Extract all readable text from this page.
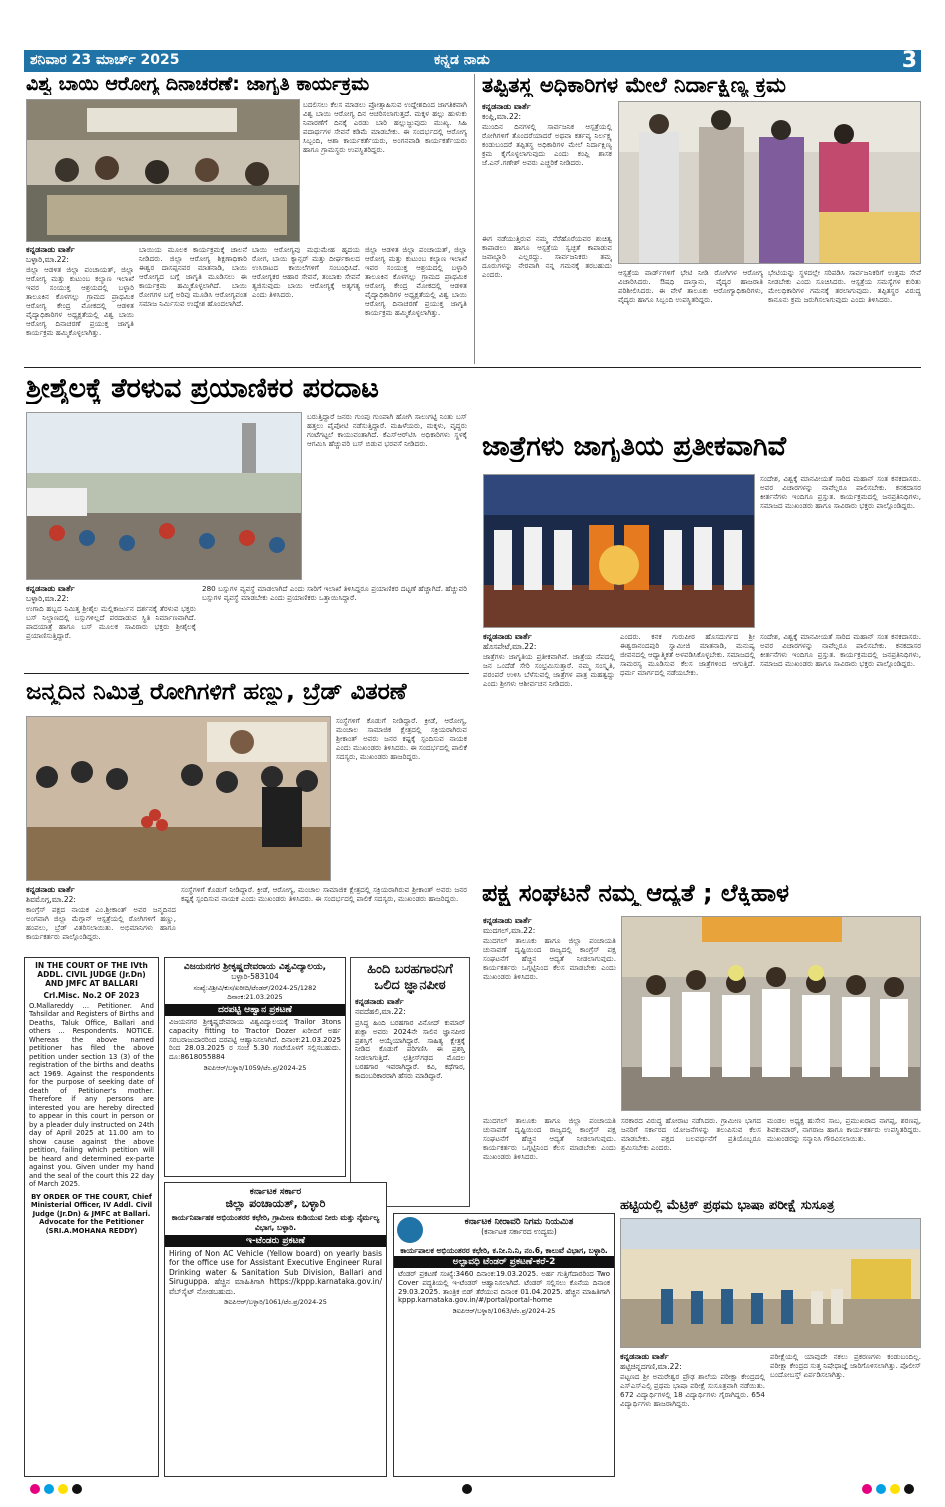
ಶನಿವಾರ 23 ಮಾರ್ಚ್ 2025	ಕನ್ನಡ ನಾಡು	3
ವಿಶ್ವ ಬಾಯಿ ಆರೋಗ್ಯ ದಿನಾಚರಣೆ: ಜಾಗೃತಿ ಕಾರ್ಯಕ್ರಮ
ಬದಲಿಸಲು ಕೆಲಸ ಮಾಡಲು ಪ್ರೋತ್ಸಾಹಿಸುವ ಉದ್ದೇಶದಿಂದ ಜಾಗತಿಕವಾಗಿ ವಿಶ್ವ ಬಾಯಿ ಆರೋಗ್ಯ ದಿನ ಆಚರಿಸಲಾಗುತ್ತದೆ. ಮಕ್ಕಳ ಹಲ್ಲು ಹುಳುಕು ನಿವಾರಣೆಗೆ ದಿನಕ್ಕೆ ಎರಡು ಬಾರಿ ಹಲ್ಲುಜ್ಜುವುದು ಮುಖ್ಯ. ಸಿಹಿ ಪದಾರ್ಥಗಳ ಸೇವನೆ ಕಡಿಮೆ ಮಾಡಬೇಕು. ಈ ಸಂದರ್ಭದಲ್ಲಿ ಆರೋಗ್ಯ ಸಿಬ್ಬಂದಿ, ಆಶಾ ಕಾರ್ಯಕರ್ತೆಯರು, ಅಂಗನವಾಡಿ ಕಾರ್ಯಕರ್ತೆಯರು ಹಾಗೂ ಗ್ರಾಮಸ್ಥರು ಉಪಸ್ಥಿತರಿದ್ದರು.
ಕನ್ನಡನಾಡು ವಾರ್ತೆ
ಬಳ್ಳಾರಿ,ಮಾ.22:
ಜಿಲ್ಲಾ ಆಡಳಿತ ಜಿಲ್ಲಾ ಪಂಚಾಯತ್, ಜಿಲ್ಲಾ ಆರೋಗ್ಯ ಮತ್ತು ಕುಟುಂಬ ಕಲ್ಯಾಣ ಇಲಾಖೆ ಇವರ ಸಂಯುಕ್ತ ಆಶ್ರಯದಲ್ಲಿ ಬಳ್ಳಾರಿ ತಾಲೂಕಿನ ಕೊಳಗಲ್ಲು ಗ್ರಾಮದ ಪ್ರಾಥಮಿಕ ಆರೋಗ್ಯ ಕೇಂದ್ರ ಮೋಕದಲ್ಲಿ ಆಡಳಿತ ವೈದ್ಯಾಧಿಕಾರಿಗಳ ಅಧ್ಯಕ್ಷತೆಯಲ್ಲಿ ವಿಶ್ವ ಬಾಯಿ ಆರೋಗ್ಯ ದಿನಾಚರಣೆ ಪ್ರಯುಕ್ತ ಜಾಗೃತಿ ಕಾರ್ಯಕ್ರಮ ಹಮ್ಮಿಕೊಳ್ಳಲಾಗಿತ್ತು.
ಬಾಯಿಯ ಮೂಲಕ ಕಾರ್ಯಕ್ರಮಕ್ಕೆ ಚಾಲನೆ ನೀಡಿದರು. ಜಿಲ್ಲಾ ಆರೋಗ್ಯ ಶಿಕ್ಷಣಾಧಿಕಾರಿ ಈಶ್ವರ ದಾಸಪ್ಪನವರ ಮಾತನಾಡಿ, ಬಾಯಿ ಆರೋಗ್ಯದ ಬಗ್ಗೆ ಜಾಗೃತಿ ಮೂಡಿಸಲು ಈ ಕಾರ್ಯಕ್ರಮ ಹಮ್ಮಿಕೊಳ್ಳಲಾಗಿದೆ. ಬಾಯಿ ರೋಗಗಳ ಬಗ್ಗೆ ಅರಿವು ಮೂಡಿಸಿ ಆರೋಗ್ಯವಂತ ಸಮಾಜ ನಿರ್ಮಿಸುವ ಉದ್ದೇಶ ಹೊಂದಲಾಗಿದೆ.
ಬಾಯಿ ಆರೋಗ್ಯವು ಮಧುಮೇಹ ಹೃದಯ ರೋಗ, ಬಾಯಿ ಕ್ಯಾನ್ಸರ್ ಮತ್ತು ದೀರ್ಘಕಾಲದ ಉಸಿರಾಟದ ಕಾಯಿಲೆಗಳಿಗೆ ಸಂಬಂಧಿಸಿದೆ. ಆರೋಗ್ಯಕರ ಆಹಾರ ಸೇವನೆ, ತಂಬಾಕು ಸೇವನೆ ತ್ಯಜಿಸುವುದು ಬಾಯಿ ಆರೋಗ್ಯಕ್ಕೆ ಅತ್ಯಗತ್ಯ ಎಂದು ತಿಳಿಸಿದರು.
ಜಿಲ್ಲಾ ಆಡಳಿತ ಜಿಲ್ಲಾ ಪಂಚಾಯತ್, ಜಿಲ್ಲಾ ಆರೋಗ್ಯ ಮತ್ತು ಕುಟುಂಬ ಕಲ್ಯಾಣ ಇಲಾಖೆ ಇವರ ಸಂಯುಕ್ತ ಆಶ್ರಯದಲ್ಲಿ ಬಳ್ಳಾರಿ ತಾಲೂಕಿನ ಕೊಳಗಲ್ಲು ಗ್ರಾಮದ ಪ್ರಾಥಮಿಕ ಆರೋಗ್ಯ ಕೇಂದ್ರ ಮೋಕದಲ್ಲಿ ಆಡಳಿತ ವೈದ್ಯಾಧಿಕಾರಿಗಳ ಅಧ್ಯಕ್ಷತೆಯಲ್ಲಿ ವಿಶ್ವ ಬಾಯಿ ಆರೋಗ್ಯ ದಿನಾಚರಣೆ ಪ್ರಯುಕ್ತ ಜಾಗೃತಿ ಕಾರ್ಯಕ್ರಮ ಹಮ್ಮಿಕೊಳ್ಳಲಾಗಿತ್ತು.
ತಪ್ಪಿತಸ್ಥ ಅಧಿಕಾರಿಗಳ ಮೇಲೆ ನಿರ್ದಾಕ್ಷಿಣ್ಯ ಕ್ರಮ
ಕನ್ನಡನಾಡು ವಾರ್ತೆ
ಕಂಪ್ಲಿ,ಮಾ.22:
ಮುಂದಿನ ದಿನಗಳಲ್ಲಿ ಸಾರ್ವಜನಿಕ ಆಸ್ಪತ್ರೆಯಲ್ಲಿ ರೋಗಿಗಳಿಗೆ ತೊಂದರೆಯಾದರೆ ಅಥವಾ ಕರ್ತವ್ಯ ನಿರ್ಲಕ್ಷ್ಯ ಕಂಡುಬಂದರೆ ತಪ್ಪಿತಸ್ಥ ಅಧಿಕಾರಿಗಳ ಮೇಲೆ ನಿರ್ದಾಕ್ಷಿಣ್ಯ ಕ್ರಮ ಕೈಗೊಳ್ಳಲಾಗುವುದು ಎಂದು ಕಂಪ್ಲಿ ಶಾಸಕ ಜೆ.ಎನ್.ಗಣೇಶ್ ಅವರು ಎಚ್ಚರಿಕೆ ನೀಡಿದರು.
ಈಗ ನಡೆಯುತ್ತಿರುವ ನಮ್ಮ ನೆರೆಹೊರೆಯವರ ಶುಚಿತ್ವ ಕಾಪಾಡಲು ಹಾಗೂ ಆಸ್ಪತ್ರೆಯ ಸ್ವಚ್ಛತೆ ಕಾಪಾಡುವ ಜವಾಬ್ದಾರಿ ಎಲ್ಲರದ್ದು. ಸಾರ್ವಜನಿಕರು ತಮ್ಮ ದೂರುಗಳನ್ನು ನೇರವಾಗಿ ನನ್ನ ಗಮನಕ್ಕೆ ತರಬಹುದು ಎಂದರು.	ಆಸ್ಪತ್ರೆಯ ವಾರ್ಡ್‌ಗಳಿಗೆ ಭೇಟಿ ನೀಡಿ ರೋಗಿಗಳ ಆರೋಗ್ಯ ವಿಚಾರಿಸಿದರು. ಔಷಧಿ ದಾಸ್ತಾನು, ವೈದ್ಯರ ಹಾಜರಾತಿ ಪರಿಶೀಲಿಸಿದರು. ಈ ವೇಳೆ ತಾಲೂಕು ಆರೋಗ್ಯಾಧಿಕಾರಿಗಳು, ವೈದ್ಯರು ಹಾಗೂ ಸಿಬ್ಬಂದಿ ಉಪಸ್ಥಿತರಿದ್ದರು.
ಭೇಟಿಯನ್ನು ಸ್ಥಳದಲ್ಲೇ ಸರಿಪಡಿಸಿ ಸಾರ್ವಜನಿಕರಿಗೆ ಉತ್ತಮ ಸೇವೆ ನೀಡಬೇಕು ಎಂದು ಸೂಚಿಸಿದರು. ಆಸ್ಪತ್ರೆಯ ಸಮಸ್ಯೆಗಳ ಕುರಿತು ಮೇಲಧಿಕಾರಿಗಳ ಗಮನಕ್ಕೆ ತರಲಾಗುವುದು. ತಪ್ಪಿತಸ್ಥರ ವಿರುದ್ಧ ಕಾನೂನು ಕ್ರಮ ಜರುಗಿಸಲಾಗುವುದು ಎಂದು ತಿಳಿಸಿದರು.
ಶ್ರೀಶೈಲಕ್ಕೆ ತೆರಳುವ ಪ್ರಯಾಣಿಕರ ಪರದಾಟ
ಬರುತ್ತಿದ್ದಾರೆ ಜನರು ಗುಂಪು ಗುಂಪಾಗಿ ಹೋಗಿ ಸಾಲುಗಟ್ಟಿ ನಿಂತು ಬಸ್ ಹತ್ತಲು ಪೈಪೋಟಿ ನಡೆಸುತ್ತಿದ್ದಾರೆ. ಮಹಿಳೆಯರು, ಮಕ್ಕಳು, ವೃದ್ಧರು ಗಂಟೆಗಟ್ಟಲೆ ಕಾಯುವಂತಾಗಿದೆ. ಕೆಎಸ್ಆರ್‌ಟಿಸಿ ಅಧಿಕಾರಿಗಳು ಸ್ಥಳಕ್ಕೆ ಆಗಮಿಸಿ ಹೆಚ್ಚುವರಿ ಬಸ್ ಬಿಡುವ ಭರವಸೆ ನೀಡಿದರು.
ಕನ್ನಡನಾಡು ವಾರ್ತೆ
ಬಳ್ಳಾರಿ,ಮಾ.22:
ಉಗಾದಿ ಹಬ್ಬದ ನಿಮಿತ್ತ ಶ್ರೀಶೈಲ ಮಲ್ಲಿಕಾರ್ಜುನ ದರ್ಶನಕ್ಕೆ ತೆರಳುವ ಭಕ್ತರು ಬಸ್ ನಿಲ್ದಾಣದಲ್ಲಿ ಬಸ್ಸುಗಳಿಲ್ಲದೆ ಪರದಾಡುವ ಸ್ಥಿತಿ ನಿರ್ಮಾಣವಾಗಿದೆ. ಪಾದಯಾತ್ರೆ ಹಾಗೂ ಬಸ್ ಮೂಲಕ ಸಾವಿರಾರು ಭಕ್ತರು ಶ್ರೀಶೈಲಕ್ಕೆ ಪ್ರಯಾಣಿಸುತ್ತಿದ್ದಾರೆ.
280 ಬಸ್ಸುಗಳ ವ್ಯವಸ್ಥೆ ಮಾಡಲಾಗಿದೆ ಎಂದು ಸಾರಿಗೆ ಇಲಾಖೆ ತಿಳಿಸಿದ್ದರೂ ಪ್ರಯಾಣಿಕರ ದಟ್ಟಣೆ ಹೆಚ್ಚಾಗಿದೆ. ಹೆಚ್ಚುವರಿ ಬಸ್ಸುಗಳ ವ್ಯವಸ್ಥೆ ಮಾಡಬೇಕು ಎಂದು ಪ್ರಯಾಣಿಕರು ಒತ್ತಾಯಿಸಿದ್ದಾರೆ.
ಜಾತ್ರೆಗಳು ಜಾಗೃತಿಯ ಪ್ರತೀಕವಾಗಿವೆ
ಸಂದೇಶ, ವಿಶ್ವಕ್ಕೆ ಮಾನವೀಯತೆ ಸಾರಿದ ಮಹಾನ್ ಸಂತ ಕನಕದಾಸರು. ಅವರ ವಿಚಾರಗಳನ್ನು ನಾವೆಲ್ಲರೂ ಪಾಲಿಸಬೇಕು. ಕನಕದಾಸರ ಕೀರ್ತನೆಗಳು ಇಂದಿಗೂ ಪ್ರಸ್ತುತ. ಕಾರ್ಯಕ್ರಮದಲ್ಲಿ ಜನಪ್ರತಿನಿಧಿಗಳು, ಸಮಾಜದ ಮುಖಂಡರು ಹಾಗೂ ಸಾವಿರಾರು ಭಕ್ತರು ಪಾಲ್ಗೊಂಡಿದ್ದರು.
ಕನ್ನಡನಾಡು ವಾರ್ತೆ
ಹೊಸಪೇಟೆ,ಮಾ.22:
ಜಾತ್ರೆಗಳು ಜಾಗೃತಿಯ ಪ್ರತೀಕವಾಗಿವೆ. ಜಾತ್ರೆಯ ನೆಪದಲ್ಲಿ ಜನ ಒಂದೆಡೆ ಸೇರಿ ಸಂಭ್ರಮಿಸುತ್ತಾರೆ. ನಮ್ಮ ಸಂಸ್ಕೃತಿ, ಪರಂಪರೆ ಉಳಿಸಿ ಬೆಳೆಸುವಲ್ಲಿ ಜಾತ್ರೆಗಳ ಪಾತ್ರ ಮಹತ್ವದ್ದು ಎಂದು ಶ್ರೀಗಳು ಆಶೀರ್ವಚನ ನೀಡಿದರು.
ಎಂದರು. ಕನಕ ಗುರುಪೀಠ ಹೊಸದುರ್ಗದ ಶ್ರೀ ಈಶ್ವರಾನಂದಪುರಿ ಸ್ವಾಮೀಜಿ ಮಾತನಾಡಿ, ಮನುಷ್ಯ ಜೀವನದಲ್ಲಿ ಆಧ್ಯಾತ್ಮಿಕತೆ ಅಳವಡಿಸಿಕೊಳ್ಳಬೇಕು. ಸಮಾಜದಲ್ಲಿ ಸಾಮರಸ್ಯ ಮೂಡಿಸುವ ಕೆಲಸ ಜಾತ್ರೆಗಳಿಂದ ಆಗುತ್ತಿದೆ. ಧರ್ಮ ಮಾರ್ಗದಲ್ಲಿ ನಡೆಯಬೇಕು.
ಸಂದೇಶ, ವಿಶ್ವಕ್ಕೆ ಮಾನವೀಯತೆ ಸಾರಿದ ಮಹಾನ್ ಸಂತ ಕನಕದಾಸರು. ಅವರ ವಿಚಾರಗಳನ್ನು ನಾವೆಲ್ಲರೂ ಪಾಲಿಸಬೇಕು. ಕನಕದಾಸರ ಕೀರ್ತನೆಗಳು ಇಂದಿಗೂ ಪ್ರಸ್ತುತ. ಕಾರ್ಯಕ್ರಮದಲ್ಲಿ ಜನಪ್ರತಿನಿಧಿಗಳು, ಸಮಾಜದ ಮುಖಂಡರು ಹಾಗೂ ಸಾವಿರಾರು ಭಕ್ತರು ಪಾಲ್ಗೊಂಡಿದ್ದರು.
ಜನ್ಮದಿನ ನಿಮಿತ್ತ ರೋಗಿಗಳಿಗೆ ಹಣ್ಣು, ಬ್ರೆಡ್ ವಿತರಣೆ
ಸಂಸ್ಥೆಗಳಿಗೆ ಕೊಡುಗೆ ನೀಡಿದ್ದಾರೆ. ಕ್ರೀಡೆ, ಆರೋಗ್ಯ, ಮಂಚಾಲ ಸಾಮಾಜಿಕ ಕ್ಷೇತ್ರದಲ್ಲಿ ಸಕ್ರಿಯರಾಗಿರುವ ಶ್ರೀಕಾಂತ್ ಅವರು ಜನರ ಕಷ್ಟಕ್ಕೆ ಸ್ಪಂದಿಸುವ ನಾಯಕ ಎಂದು ಮುಖಂಡರು ತಿಳಿಸಿದರು. ಈ ಸಂದರ್ಭದಲ್ಲಿ ಪಾಲಿಕೆ ಸದಸ್ಯರು, ಮುಖಂಡರು ಹಾಜರಿದ್ದರು.
ಕನ್ನಡನಾಡು ವಾರ್ತೆ
ಶಿವಮೊಗ್ಗ,ಮಾ.22:
ಕಾಂಗ್ರೆಸ್ ಪಕ್ಷದ ನಾಯಕ ಎಂ.ಶ್ರೀಕಾಂತ್ ಅವರ ಜನ್ಮದಿನದ ಅಂಗವಾಗಿ ಜಿಲ್ಲಾ ಮೆಗ್ಗಾನ್ ಆಸ್ಪತ್ರೆಯಲ್ಲಿ ರೋಗಿಗಳಿಗೆ ಹಣ್ಣು, ಹಂಪಲು, ಬ್ರೆಡ್ ವಿತರಿಸಲಾಯಿತು. ಅಭಿಮಾನಿಗಳು ಹಾಗೂ ಕಾರ್ಯಕರ್ತರು ಪಾಲ್ಗೊಂಡಿದ್ದರು.
ಸಂಸ್ಥೆಗಳಿಗೆ ಕೊಡುಗೆ ನೀಡಿದ್ದಾರೆ. ಕ್ರೀಡೆ, ಆರೋಗ್ಯ, ಮಂಚಾಲ ಸಾಮಾಜಿಕ ಕ್ಷೇತ್ರದಲ್ಲಿ ಸಕ್ರಿಯರಾಗಿರುವ ಶ್ರೀಕಾಂತ್ ಅವರು ಜನರ ಕಷ್ಟಕ್ಕೆ ಸ್ಪಂದಿಸುವ ನಾಯಕ ಎಂದು ಮುಖಂಡರು ತಿಳಿಸಿದರು. ಈ ಸಂದರ್ಭದಲ್ಲಿ ಪಾಲಿಕೆ ಸದಸ್ಯರು, ಮುಖಂಡರು ಹಾಜರಿದ್ದರು. ಪಕ್ಷ ಸಂಘಟನೆ ನಮ್ಮ ಆದ್ಯತೆ ; ಲೆಕ್ಕಿಹಾಳ
ಕನ್ನಡನಾಡು ವಾರ್ತೆ
ಮುದಗಲ್,ಮಾ.22:
ಮುದಗಲ್ ತಾಲೂಕು ಹಾಗೂ ಜಿಲ್ಲಾ ಪಂಚಾಯತಿ ಚುನಾವಣೆ ದೃಷ್ಟಿಯಿಂದ ರಾಜ್ಯದಲ್ಲಿ ಕಾಂಗ್ರೆಸ್ ಪಕ್ಷ ಸಂಘಟನೆಗೆ ಹೆಚ್ಚಿನ ಆದ್ಯತೆ ನೀಡಲಾಗುವುದು. ಕಾರ್ಯಕರ್ತರು ಒಗ್ಗಟ್ಟಿನಿಂದ ಕೆಲಸ ಮಾಡಬೇಕು ಎಂದು ಮುಖಂಡರು ತಿಳಿಸಿದರು.
ಸರಕಾರದ ವಿರುದ್ಧ ಹೋರಾಟ ನಡೆಸಿದರು. ಗ್ರಾಮೀಣ ಭಾಗದ ಜನರಿಗೆ ಸರ್ಕಾರದ ಯೋಜನೆಗಳನ್ನು ತಲುಪಿಸುವ ಕೆಲಸ ಮಾಡಬೇಕು. ಪಕ್ಷದ ಬಲವರ್ಧನೆಗೆ ಪ್ರತಿಯೊಬ್ಬರೂ ಶ್ರಮಿಸಬೇಕು ಎಂದರು.
ಮಂಡಲ ಅಧ್ಯಕ್ಷ ಹುಸೇನ ಸಾಬ, ಪ್ರಮುಖರಾದ ನಾಗಪ್ಪ, ಶರಣಪ್ಪ, ಶಿವಕುಮಾರ್, ನಾಗರಾಜ ಹಾಗೂ ಕಾರ್ಯಕರ್ತರು ಉಪಸ್ಥಿತರಿದ್ದರು. ಮುಖಂಡರನ್ನು ಸನ್ಮಾನಿಸಿ ಗೌರವಿಸಲಾಯಿತು.
ಮುದಗಲ್ ತಾಲೂಕು ಹಾಗೂ ಜಿಲ್ಲಾ ಪಂಚಾಯತಿ ಚುನಾವಣೆ ದೃಷ್ಟಿಯಿಂದ ರಾಜ್ಯದಲ್ಲಿ ಕಾಂಗ್ರೆಸ್ ಪಕ್ಷ ಸಂಘಟನೆಗೆ ಹೆಚ್ಚಿನ ಆದ್ಯತೆ ನೀಡಲಾಗುವುದು. ಕಾರ್ಯಕರ್ತರು ಒಗ್ಗಟ್ಟಿನಿಂದ ಕೆಲಸ ಮಾಡಬೇಕು ಎಂದು ಮುಖಂಡರು ತಿಳಿಸಿದರು.
ಹಟ್ಟಿಯಲ್ಲಿ ಮೆಟ್ರಿಕ್ ಪ್ರಥಮ ಭಾಷಾ ಪರೀಕ್ಷೆ ಸುಸೂತ್ರ
ಕನ್ನಡನಾಡು ವಾರ್ತೆ
ಹಟ್ಟಿಚಿನ್ನದಗಣಿ,ಮಾ.22:
ಪಟ್ಟಣದ ಶ್ರೀ ಅಮರೇಶ್ವರ ಪ್ರೌಢ ಶಾಲೆಯ ಪರೀಕ್ಷಾ ಕೇಂದ್ರದಲ್ಲಿ ಎಸ್ಎಸ್ಎಲ್ಸಿ ಪ್ರಥಮ ಭಾಷಾ ಪರೀಕ್ಷೆ ಸುಸೂತ್ರವಾಗಿ ನಡೆಯಿತು. 672 ವಿದ್ಯಾರ್ಥಿಗಳಲ್ಲಿ 18 ವಿದ್ಯಾರ್ಥಿಗಳು ಗೈರಾಗಿದ್ದರು. 654 ವಿದ್ಯಾರ್ಥಿಗಳು ಹಾಜರಾಗಿದ್ದರು.
ಪರೀಕ್ಷೆಯಲ್ಲಿ ಯಾವುದೇ ನಕಲು ಪ್ರಕರಣಗಳು ಕಂಡುಬಂದಿಲ್ಲ. ಪರೀಕ್ಷಾ ಕೇಂದ್ರದ ಸುತ್ತ ನಿಷೇಧಾಜ್ಞೆ ಜಾರಿಗೊಳಿಸಲಾಗಿತ್ತು. ಪೊಲೀಸ್ ಬಂದೋಬಸ್ತ್ ಏರ್ಪಡಿಸಲಾಗಿತ್ತು.
ಹಿಂದಿ ಬರಹಗಾರನಿಗೆ ಒಲಿದ ಜ್ಞಾನಪೀಠ
ಕನ್ನಡನಾಡು ವಾರ್ತೆ
ನವದೆಹಲಿ,ಮಾ.22:
ಪ್ರಸಿದ್ಧ ಹಿಂದಿ ಬರಹಗಾರ ವಿನೋದ್ ಕುಮಾರ್ ಶುಕ್ಲಾ ಅವರು 2024ನೇ ಸಾಲಿನ ಜ್ಞಾನಪೀಠ ಪ್ರಶಸ್ತಿಗೆ ಆಯ್ಕೆಯಾಗಿದ್ದಾರೆ. ಸಾಹಿತ್ಯ ಕ್ಷೇತ್ರಕ್ಕೆ ನೀಡಿದ ಕೊಡುಗೆ ಪರಿಗಣಿಸಿ ಈ ಪ್ರಶಸ್ತಿ ನೀಡಲಾಗುತ್ತಿದೆ. ಛತ್ತೀಸ್‌ಗಢದ ಮೊದಲ ಬರಹಗಾರ ಇವರಾಗಿದ್ದಾರೆ. ಕವಿ, ಕಥೆಗಾರ, ಕಾದಂಬರಿಕಾರರಾಗಿ ಹೆಸರು ಮಾಡಿದ್ದಾರೆ.
IN THE COURT OF THE IVth ADDL. CIVIL JUDGE (Jr.Dn) AND JMFC AT BALLARI
Crl.Misc. No.2 OF 2023
O.Mallareddy ... Petitioner. And Tahsildar and Registers of Births and Deaths, Taluk Office, Ballari and others ... Respondents. NOTICE. Whereas the above named petitioner has filed the above petition under section 13 (3) of the registration of the births and deaths act 1969. Against the respondents for the purpose of seeking date of death of Petitioner's mother. Therefore if any persons are interested you are hereby directed to appear in this court in person or by a pleader duly instructed on 24th day of April 2025 at 11.00 am to show cause against the above petition, failing which petition will be heard and determined ex-parte against you. Given under my hand and the seal of the court this 22 day of March 2025.
BY ORDER OF THE COURT, Chief Ministerial Officer, IV Addl. Civil Judge (Jr.Dn) & JMFC at Ballari. Advocate for the Petitioner (SRI.A.MOHANA REDDY)
ವಿಜಯನಗರ ಶ್ರೀಕೃಷ್ಣದೇವರಾಯ ವಿಶ್ವವಿದ್ಯಾಲಯ,
ಬಳ್ಳಾರಿ-583104
ಸಂಖ್ಯೆ:ವಿಶ್ರೀವಿ/ಕುಸ/ಖರೀದಿ/ಟೆಂಡರ್/2024-25/1282 ದಿನಾಂಕ:21.03.2025
ದರಪಟ್ಟಿ ಆಹ್ವಾನ ಪ್ರಕಟಣೆ
ವಿಜಯನಗರ ಶ್ರೀಕೃಷ್ಣದೇವರಾಯ ವಿಶ್ವವಿದ್ಯಾಲಯಕ್ಕೆ Trailor 3tons capacity fitting to Tractor Dozer ಖರೀದಿಗೆ ಅರ್ಹ ಸರಬರಾಜುದಾರರಿಂದ ದರಪಟ್ಟಿ ಆಹ್ವಾನಿಸಲಾಗಿದೆ. ದಿನಾಂಕ:21.03.2025 ರಿಂದ 28.03.2025 ರ ಸಂಜೆ 5.30 ಗಂಟೆಯೊಳಗೆ ಸಲ್ಲಿಸಬಹುದು. ದೂ:8618055884
ಡಿಐಪಿಆರ್/ಬಳ್ಳಾರಿ/1059/ಟೆಂ.ಪ್ರ/2024-25
ಕರ್ನಾಟಕ ಸರ್ಕಾರ
ಜಿಲ್ಲಾ ಪಂಚಾಯತ್, ಬಳ್ಳಾರಿ
ಕಾರ್ಯನಿರ್ವಾಹಕ ಅಭಿಯಂತರರ ಕಛೇರಿ, ಗ್ರಾಮೀಣ ಕುಡಿಯುವ ನೀರು ಮತ್ತು ನೈರ್ಮಲ್ಯ ವಿಭಾಗ, ಬಳ್ಳಾರಿ.
ಇ-ಟೆಂಡರು ಪ್ರಕಟಣೆ
Hiring of Non AC Vehicle (Yellow board) on yearly basis for the office use for Assistant Executive Engineer Rural Drinking water & Sanitation Sub Division, Ballari and Siruguppa. ಹೆಚ್ಚಿನ ಮಾಹಿತಿಗಾಗಿ https://kppp.karnataka.gov.in/ ವೆಬ್‌ಸೈಟ್ ನೋಡಬಹುದು.
ಡಿಐಪಿಆರ್/ಬಳ್ಳಾರಿ/1061/ಟೆಂ.ಪ್ರ/2024-25
ಕರ್ನಾಟಕ ನೀರಾವರಿ ನಿಗಮ ನಿಯಮಿತ
(ಕರ್ನಾಟಕ ಸರ್ಕಾರದ ಉದ್ಯಮ)
ಕಾರ್ಯಪಾಲಕ ಅಭಿಯಂತರರ ಕಛೇರಿ, ಕ.ನೀ.ನಿ.ನಿ, ನಂ.6, ಕಾಲುವೆ ವಿಭಾಗ, ಬಳ್ಳಾರಿ.
ಅಲ್ಪಾವಧಿ ಟೆಂಡರ್ ಪ್ರಕಟಣೆ-ಕರೆ-2
ಟೆಂಡರ್ ಪ್ರಕಟಣೆ ಸಂಖ್ಯೆ:3460 ದಿನಾಂಕ:19.03.2025. ಅರ್ಹ ಗುತ್ತಿಗೆದಾರರಿಂದ Two Cover ಪದ್ಧತಿಯಲ್ಲಿ ಇ-ಟೆಂಡರ್ ಆಹ್ವಾನಿಸಲಾಗಿದೆ. ಟೆಂಡರ್ ಸಲ್ಲಿಸಲು ಕೊನೆಯ ದಿನಾಂಕ 29.03.2025. ತಾಂತ್ರಿಕ ಬಿಡ್ ತೆರೆಯುವ ದಿನಾಂಕ 01.04.2025. ಹೆಚ್ಚಿನ ಮಾಹಿತಿಗಾಗಿ kppp.karnataka.gov.in/#/portal/portal-home
ಡಿಐಪಿಆರ್/ಬಳ್ಳಾರಿ/1063/ಟೆಂ.ಪ್ರ/2024-25
